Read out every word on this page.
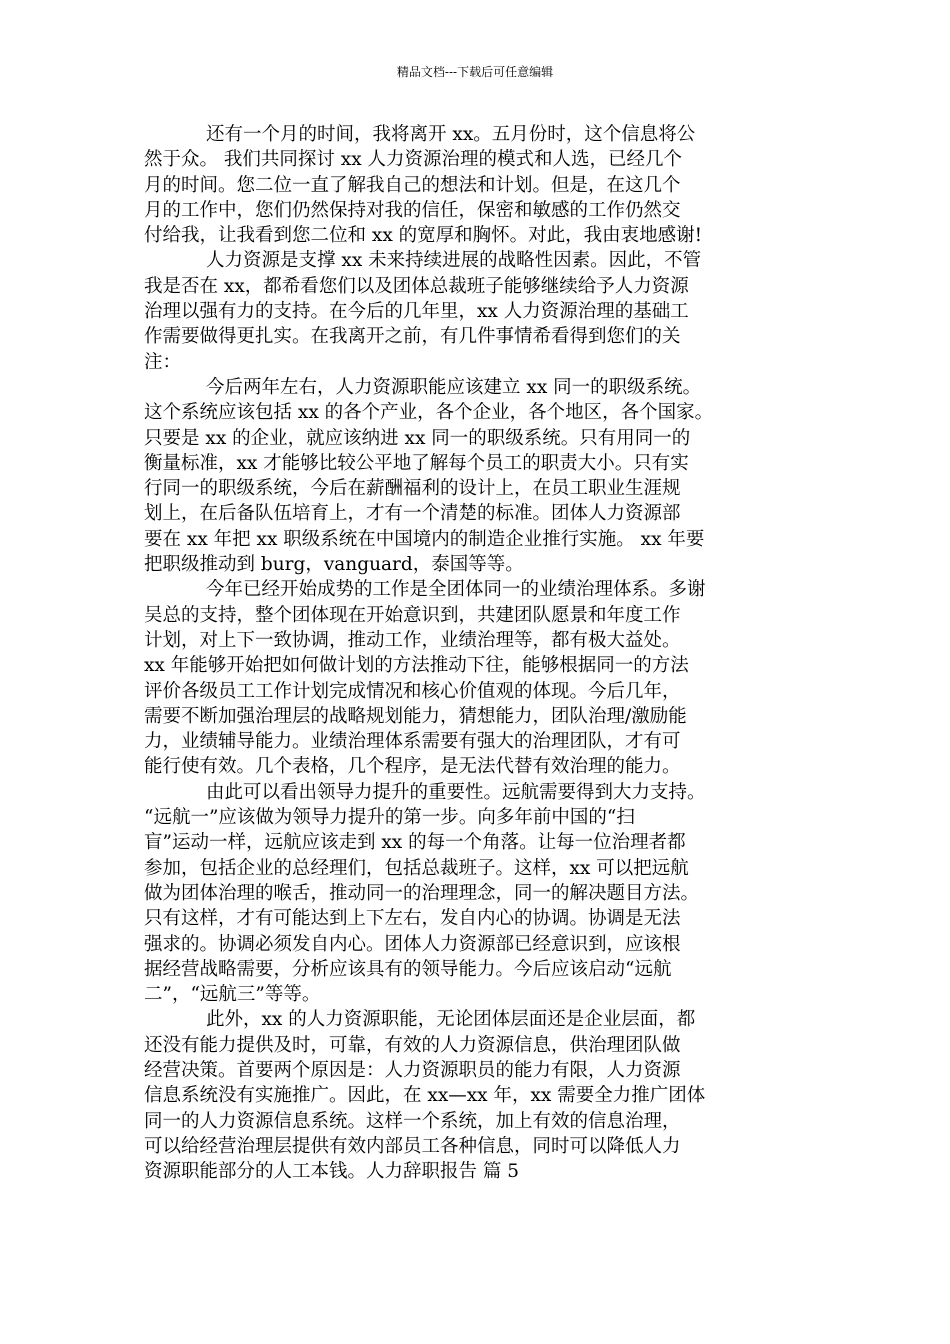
精品文档---下载后可任意编辑
还有一个月的时间，我将离开 xx。五月份时，这个信息将公
然于众。 我们共同探讨 xx 人力资源治理的模式和人选，已经几个
月的时间。您二位一直了解我自己的想法和计划。但是，在这几个
月的工作中，您们仍然保持对我的信任，保密和敏感的工作仍然交
付给我，让我看到您二位和 xx 的宽厚和胸怀。对此，我由衷地感谢!
人力资源是支撑 xx 未来持续进展的战略性因素。因此，不管
我是否在 xx，都希看您们以及团体总裁班子能够继续给予人力资源
治理以强有力的支持。在今后的几年里，xx 人力资源治理的基础工
作需要做得更扎实。在我离开之前，有几件事情希看得到您们的关
注：
今后两年左右，人力资源职能应该建立 xx 同一的职级系统。
这个系统应该包括 xx 的各个产业，各个企业，各个地区，各个国家。
只要是 xx 的企业，就应该纳进 xx 同一的职级系统。只有用同一的
衡量标准，xx 才能够比较公平地了解每个员工的职责大小。只有实
行同一的职级系统，今后在薪酬福利的设计上，在员工职业生涯规
划上，在后备队伍培育上，才有一个清楚的标准。团体人力资源部
要在 xx 年把 xx 职级系统在中国境内的制造企业推行实施。 xx 年要
把职级推动到 burg，vanguard，泰国等等。
今年已经开始成势的工作是全团体同一的业绩治理体系。多谢
吴总的支持，整个团体现在开始意识到，共建团队愿景和年度工作
计划，对上下一致协调，推动工作，业绩治理等，都有极大益处。
xx 年能够开始把如何做计划的方法推动下往，能够根据同一的方法
评价各级员工工作计划完成情况和核心价值观的体现。今后几年，
需要不断加强治理层的战略规划能力，猜想能力，团队治理/激励能
力，业绩辅导能力。业绩治理体系需要有强大的治理团队，才有可
能行使有效。几个表格，几个程序，是无法代替有效治理的能力。
由此可以看出领导力提升的重要性。远航需要得到大力支持。
“远航一”应该做为领导力提升的第一步。向多年前中国的“扫
盲”运动一样，远航应该走到 xx 的每一个角落。让每一位治理者都
参加，包括企业的总经理们，包括总裁班子。这样，xx 可以把远航
做为团体治理的喉舌，推动同一的治理理念，同一的解决题目方法。
只有这样，才有可能达到上下左右，发自内心的协调。协调是无法
强求的。协调必须发自内心。团体人力资源部已经意识到，应该根
据经营战略需要，分析应该具有的领导能力。今后应该启动“远航
二”，“远航三”等等。
此外，xx 的人力资源职能，无论团体层面还是企业层面，都
还没有能力提供及时，可靠，有效的人力资源信息，供治理团队做
经营决策。首要两个原因是：人力资源职员的能力有限，人力资源
信息系统没有实施推广。因此，在 xx—xx 年，xx 需要全力推广团体
同一的人力资源信息系统。这样一个系统，加上有效的信息治理，
可以给经营治理层提供有效内部员工各种信息，同时可以降低人力
资源职能部分的人工本钱。人力辞职报告 篇 5
